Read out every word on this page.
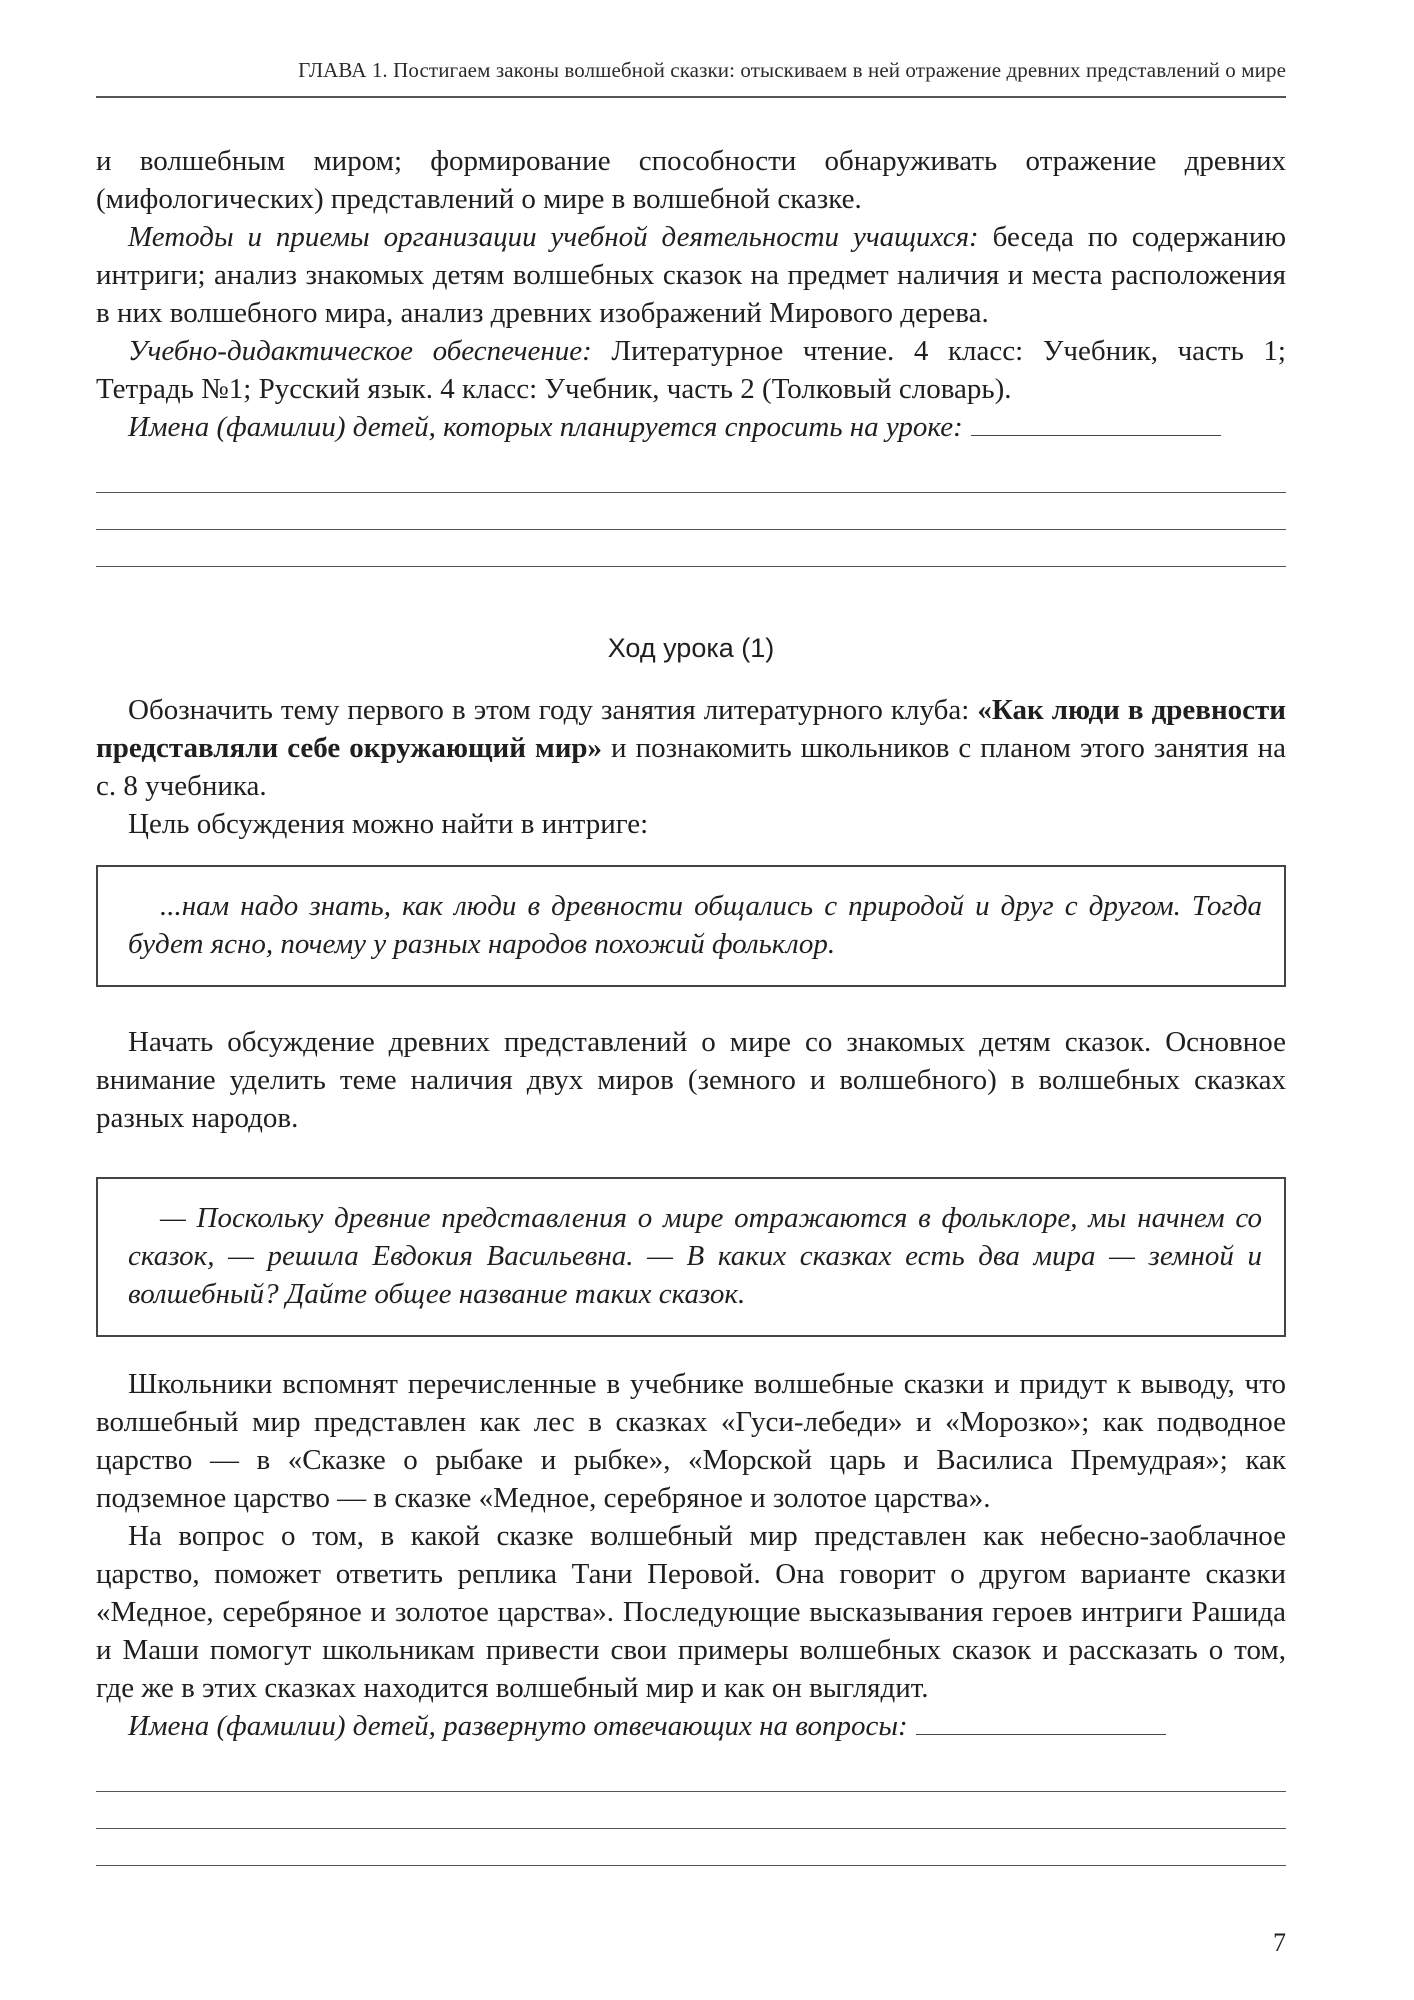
ГЛАВА 1. Постигаем законы волшебной сказки: отыскиваем в ней отражение древних представлений о мире

и волшебным миром; формирование способности обнаруживать отражение древних (мифологических) представлений о мире в волшебной сказке.

Методы и приемы организации учебной деятельности учащихся: беседа по содержанию интриги; анализ знакомых детям волшебных сказок на предмет наличия и места расположения в них волшебного мира, анализ древних изображений Мирового дерева.

Учебно-дидактическое обеспечение: Литературное чтение. 4 класс: Учебник, часть 1; Тетрадь №1; Русский язык. 4 класс: Учебник, часть 2 (Толковый словарь).

Имена (фамилии) детей, которых планируется спросить на уроке:

Ход урока (1)

Обозначить тему первого в этом году занятия литературного клуба: «Как люди в древности представляли себе окружающий мир» и познакомить школьников с планом этого занятия на с. 8 учебника.

Цель обсуждения можно найти в интриге:

...нам надо знать, как люди в древности общались с природой и друг с другом. Тогда будет ясно, почему у разных народов похожий фольклор.

Начать обсуждение древних представлений о мире со знакомых детям сказок. Основное внимание уделить теме наличия двух миров (земного и волшебного) в волшебных сказках разных народов.

— Поскольку древние представления о мире отражаются в фольклоре, мы начнем со сказок, — решила Евдокия Васильевна. — В каких сказках есть два мира — земной и волшебный? Дайте общее название таких сказок.

Школьники вспомнят перечисленные в учебнике волшебные сказки и придут к выводу, что волшебный мир представлен как лес в сказках «Гуси-лебеди» и «Морозко»; как подводное царство — в «Сказке о рыбаке и рыбке», «Морской царь и Василиса Премудрая»; как подземное царство — в сказке «Медное, серебряное и золотое царства».

На вопрос о том, в какой сказке волшебный мир представлен как небесно-заоблачное царство, поможет ответить реплика Тани Перовой. Она говорит о другом варианте сказки «Медное, серебряное и золотое царства». Последующие высказывания героев интриги Рашида и Маши помогут школьникам привести свои примеры волшебных сказок и рассказать о том, где же в этих сказках находится волшебный мир и как он выглядит.

Имена (фамилии) детей, развернуто отвечающих на вопросы:

7
